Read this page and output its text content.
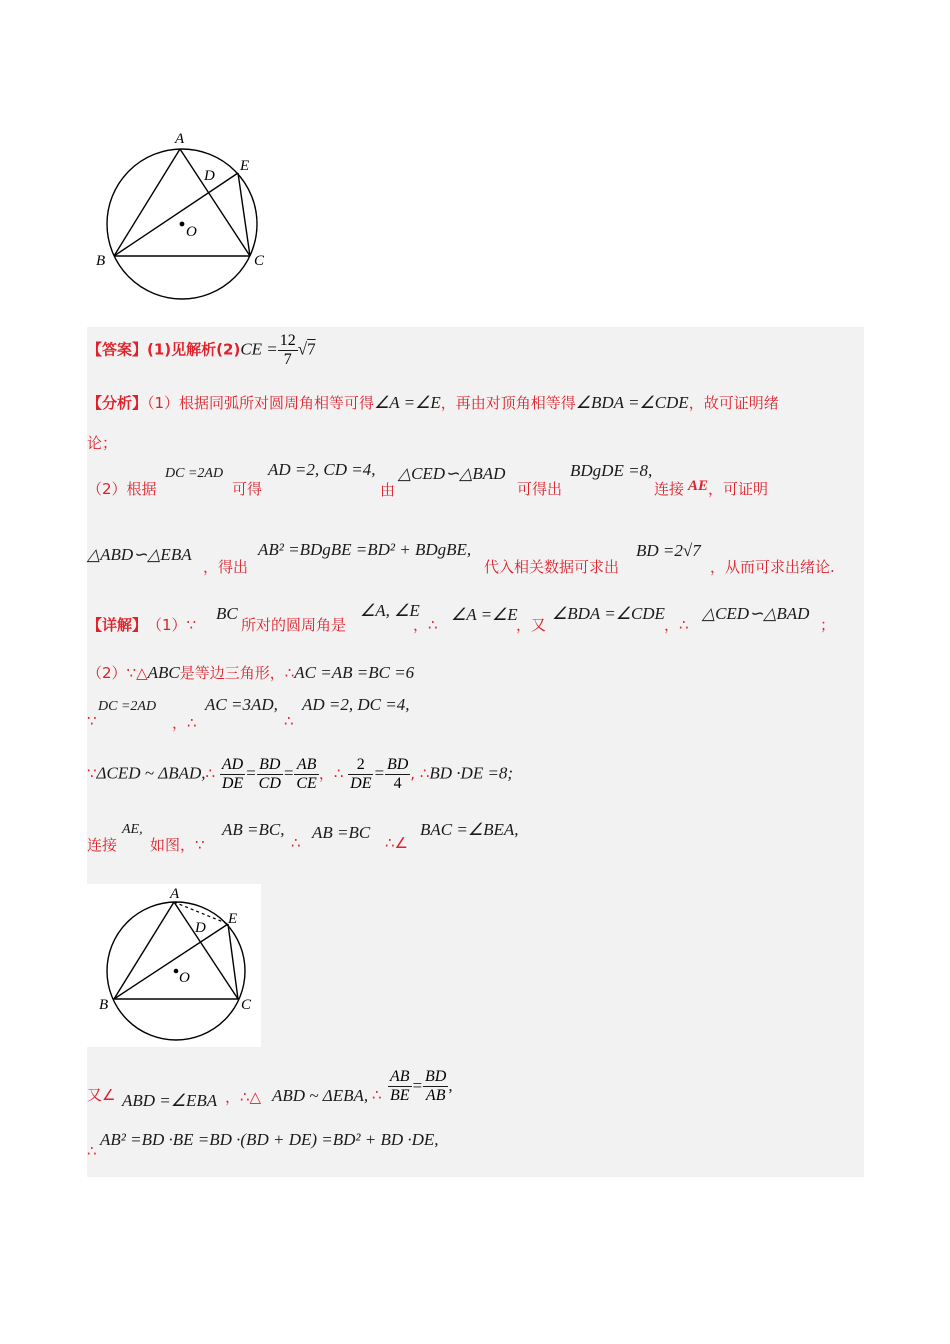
A
B	C
D
E
O
【答案】(1)见解析$(2)CE = \frac{12}{7} √7$
【分析】（1）根据同弧所对圆周角相等可得∠A =∠E，再由对顶角相等得∠BDA =∠CDE，故可证明绪
论；
（2）根据
DC =2AD
可得
AD =2, CD =4,
由
△CED∽△BAD
可得出
BDgDE =8,
连接 AE ，可证明
△ABD∽△EBA
，得出
AB² =BDgBE =BD² + BDgBE,
代入相关数据可求出
BD =2√7
，从而可求出绪论.
【详解】 （1）∵
BC
所对的圆周角是
∠A, ∠E
，∴
∠A =∠E
，又
∠BDA =∠CDE
，∴
△CED∽△BAD
；
（2）∵△ABC是等边三角形，∴AC =AB =BC =6
∵
DC =2AD
，∴
AC =3AD,
∴
AD =2, DC =4,
∵ΔCED ~ ΔBAD,∴ $\frac{AD}{DE} = \frac{BD}{CD} = \frac{AB}{CE}$ ，∴ $\frac{2}{DE} = \frac{BD}{4}$ , ∴BD ·DE =8;
连接
AE,
如图，∵
AB =BC,
∴
AB =BC
∴∠
BAC =∠BEA,
A
B	C
D
E
O
又∠ ABD =∠EBA ，∴△ ABD ~ ΔEBA, ∴ $\frac{AB}{BE} = \frac{BD}{AB}$ ,
∴
AB² =BD ·BE =BD ·(BD + DE) =BD² + BD ·DE,
